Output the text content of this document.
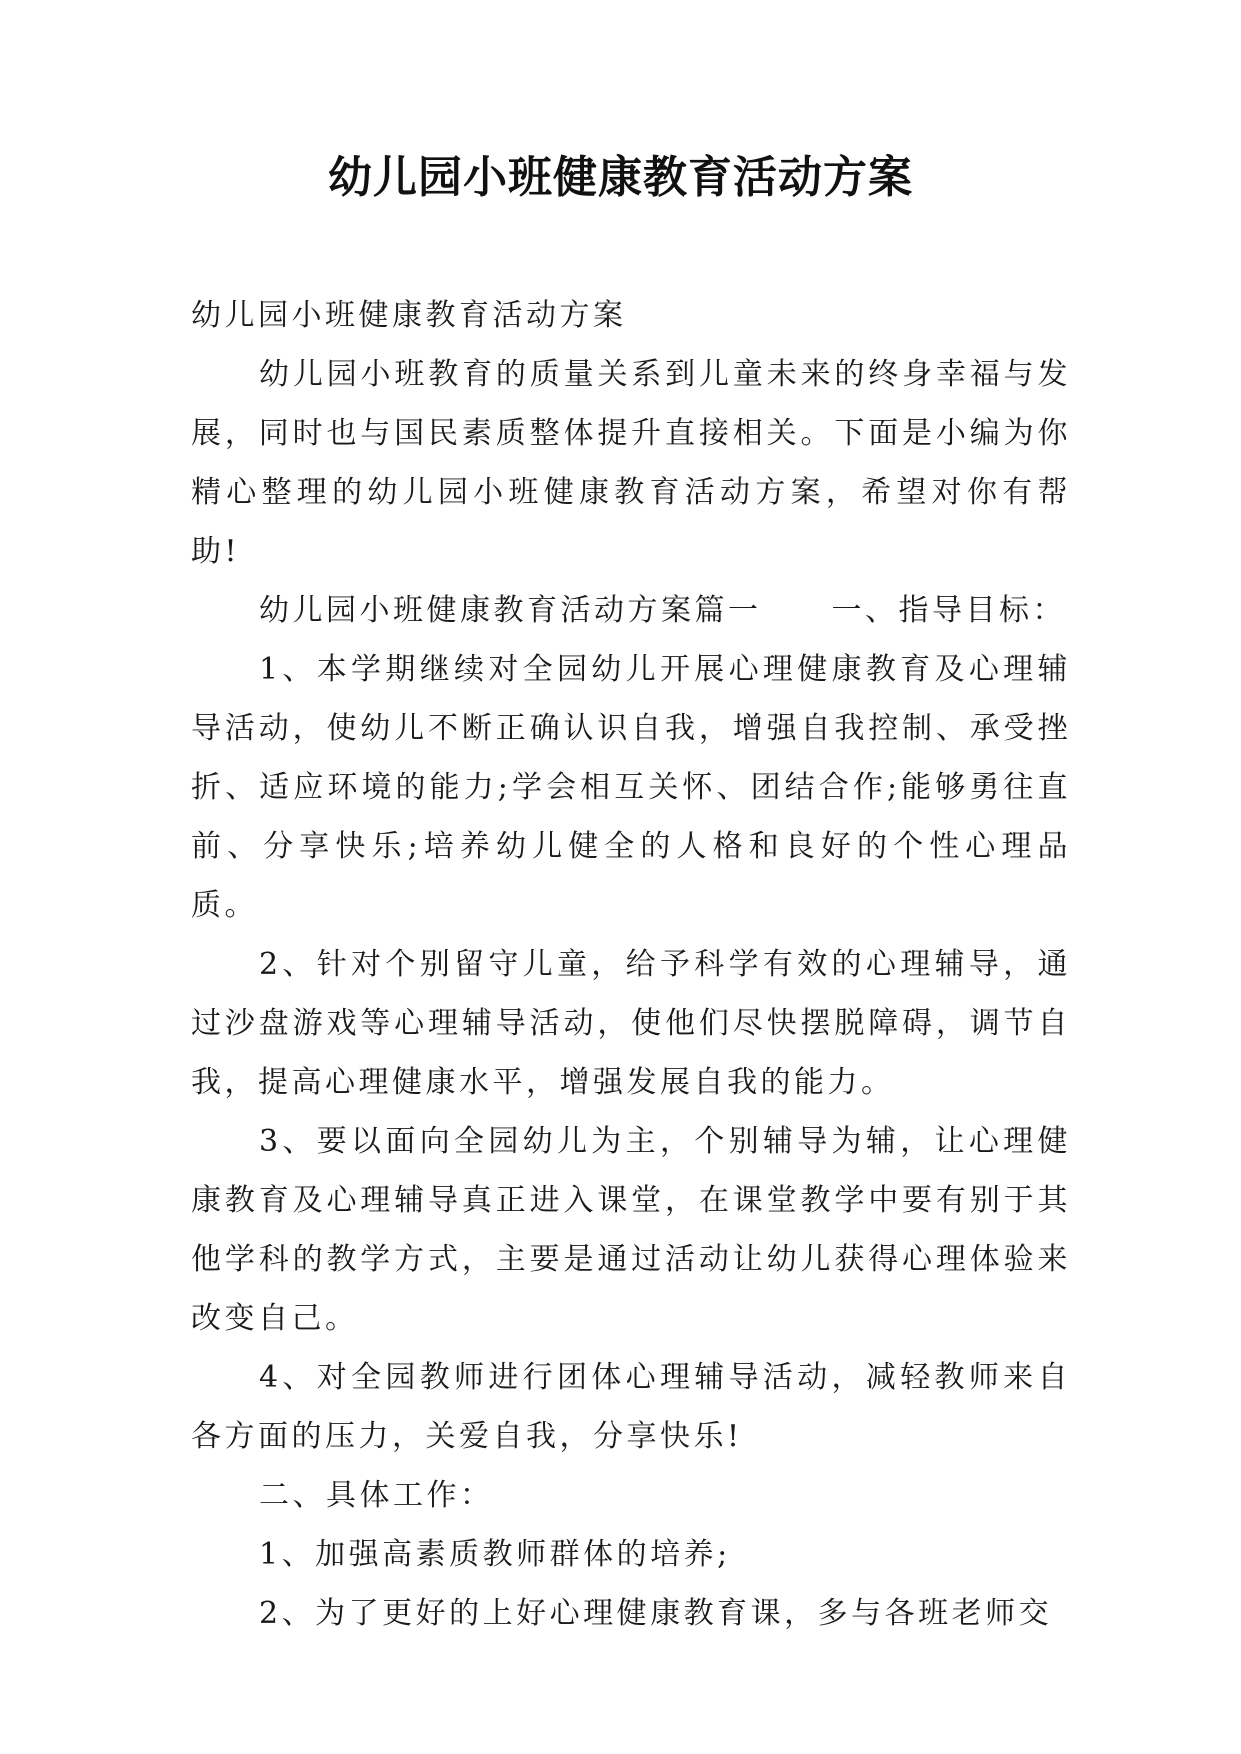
幼儿园小班健康教育活动方案

幼儿园小班健康教育活动方案

幼儿园小班教育的质量关系到儿童未来的终身幸福与发展，同时也与国民素质整体提升直接相关。下面是小编为你精心整理的幼儿园小班健康教育活动方案，希望对你有帮助!

幼儿园小班健康教育活动方案篇一 一、指导目标：

1、本学期继续对全园幼儿开展心理健康教育及心理辅导活动，使幼儿不断正确认识自我，增强自我控制、承受挫折、适应环境的能力;学会相互关怀、团结合作;能够勇往直前、分享快乐;培养幼儿健全的人格和良好的个性心理品质。

2、针对个别留守儿童，给予科学有效的心理辅导，通过沙盘游戏等心理辅导活动，使他们尽快摆脱障碍，调节自我，提高心理健康水平，增强发展自我的能力。

3、要以面向全园幼儿为主，个别辅导为辅，让心理健康教育及心理辅导真正进入课堂，在课堂教学中要有别于其他学科的教学方式，主要是通过活动让幼儿获得心理体验来改变自己。

4、对全园教师进行团体心理辅导活动，减轻教师来自各方面的压力，关爱自我，分享快乐!

二、具体工作：

1、加强高素质教师群体的培养;

2、为了更好的上好心理健康教育课，多与各班老师交
